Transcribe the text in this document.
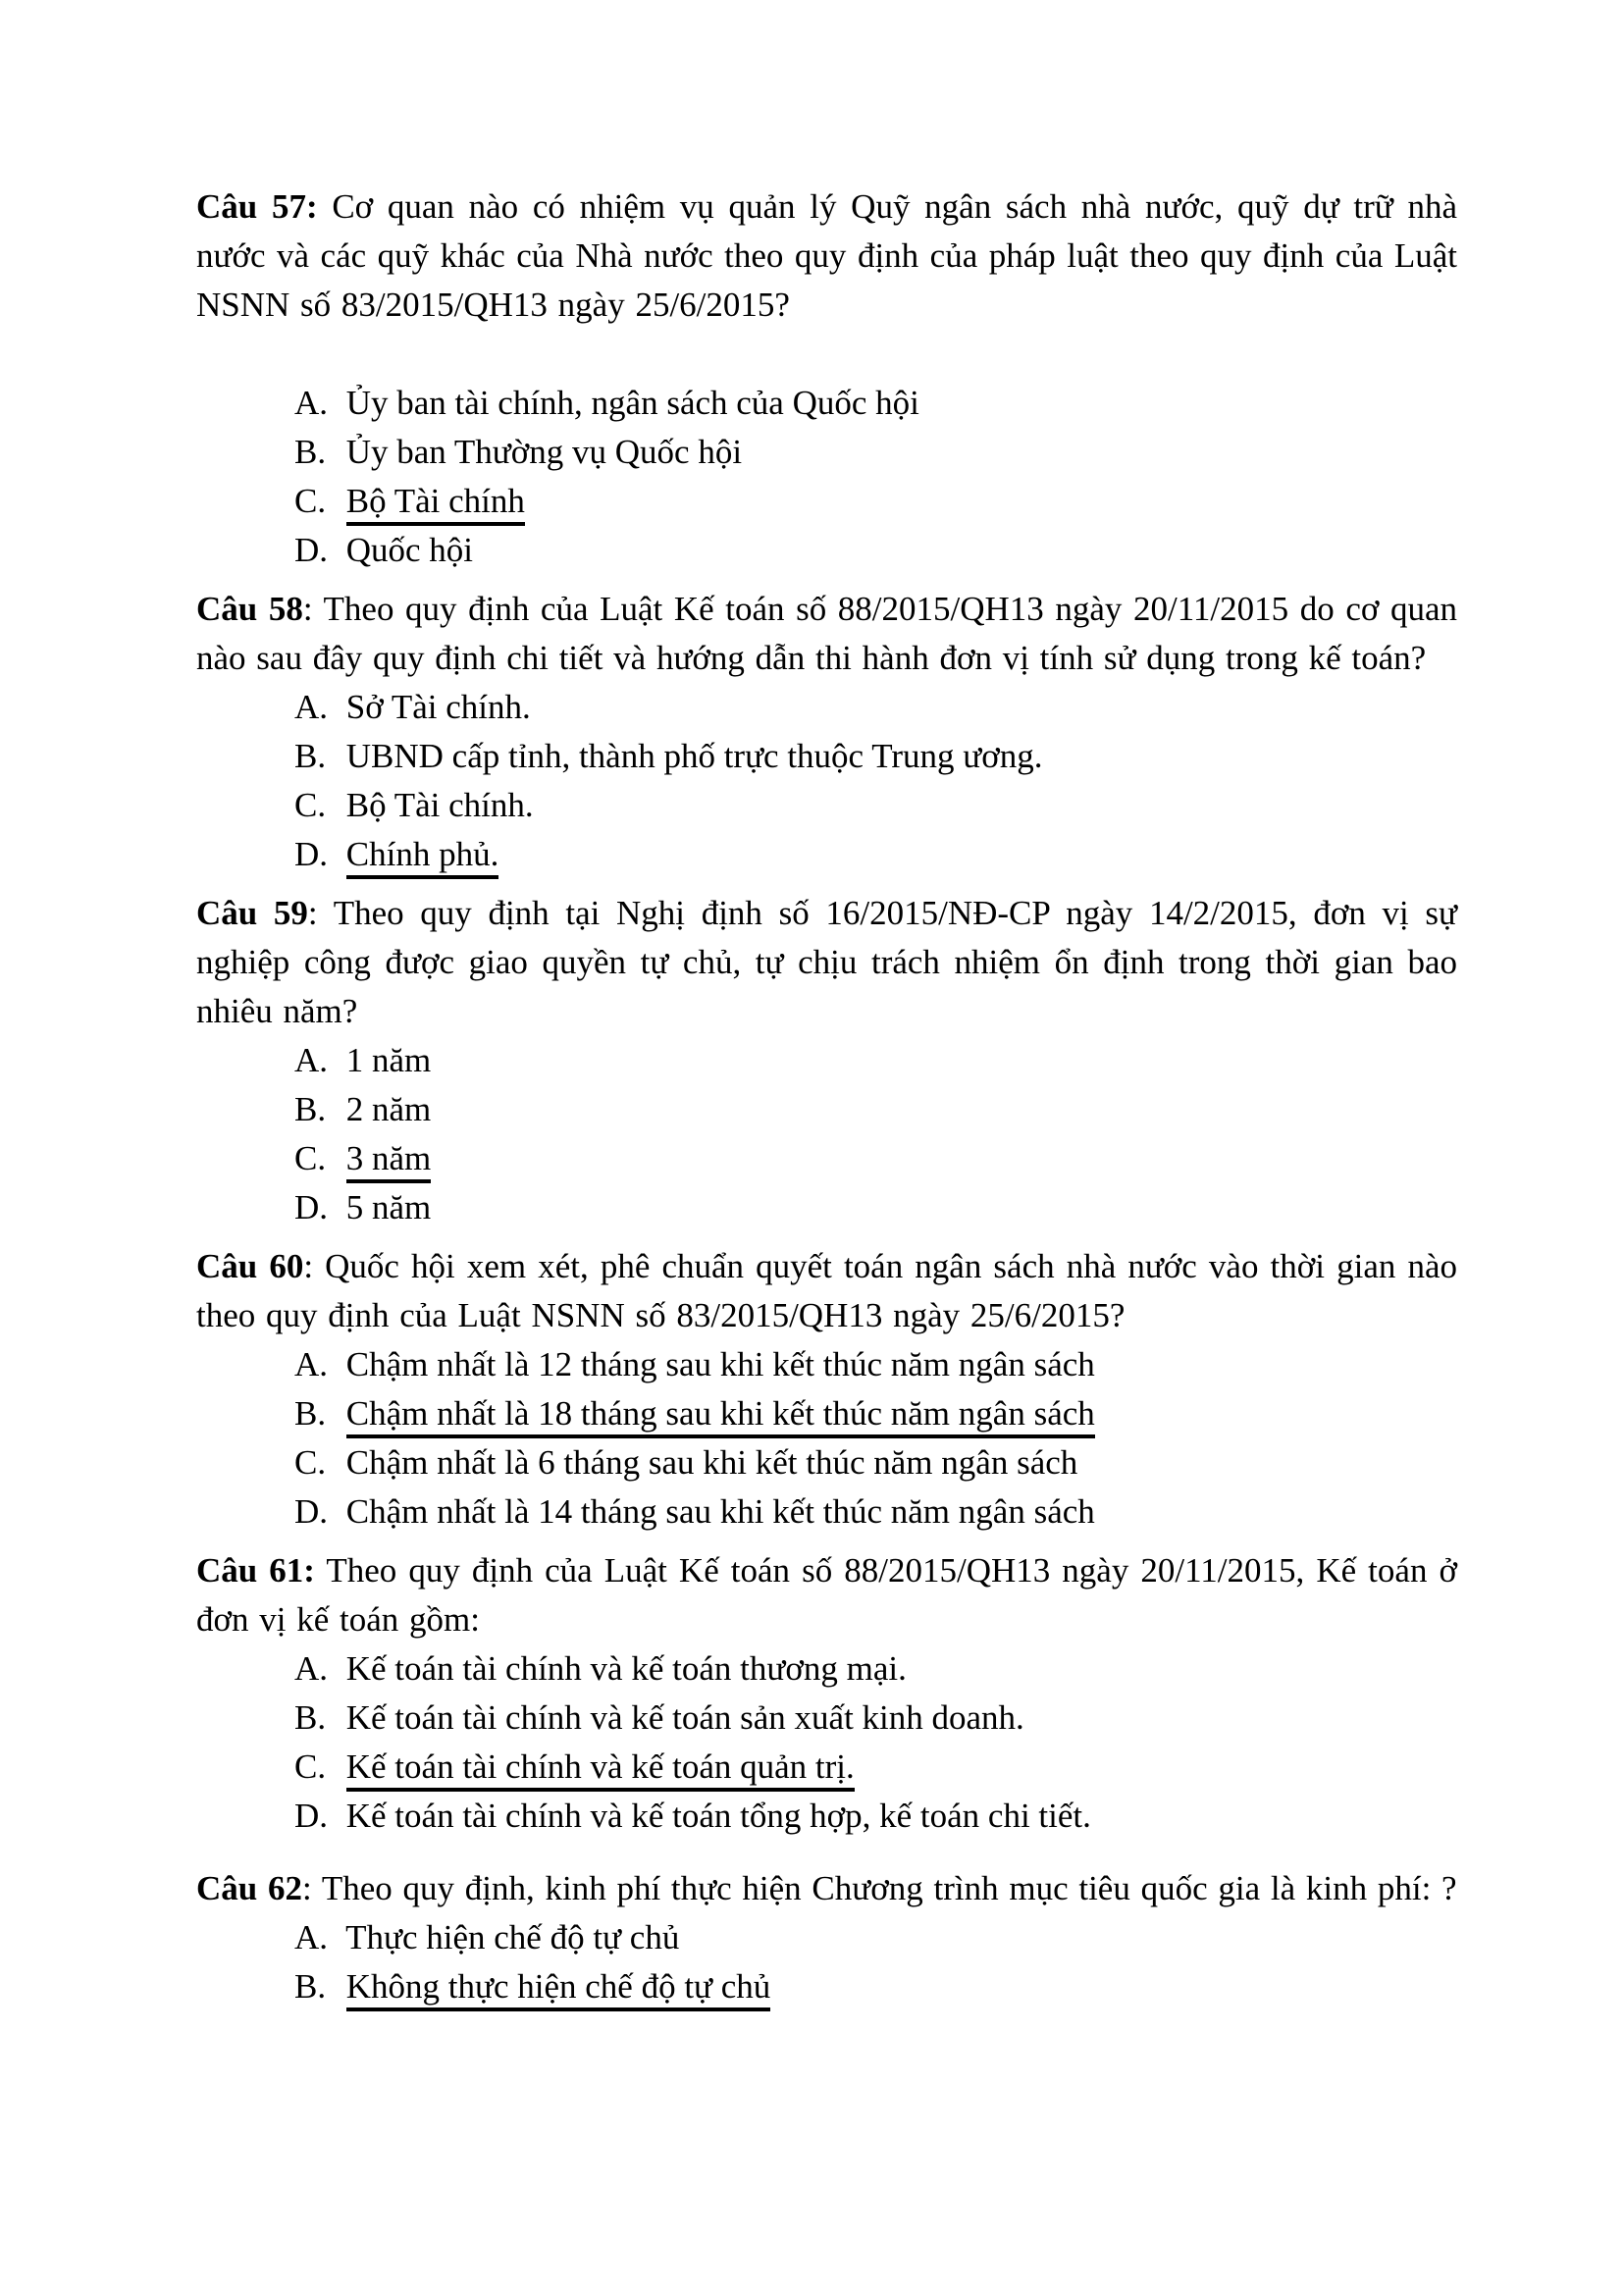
Câu 57: Cơ quan nào có nhiệm vụ quản lý Quỹ ngân sách nhà nước, quỹ dự trữ nhà nước và các quỹ khác của Nhà nước theo quy định của pháp luật theo quy định của Luật NSNN số 83/2015/QH13 ngày 25/6/2015?

A. Ủy ban tài chính, ngân sách của Quốc hội
B. Ủy ban Thường vụ Quốc hội
C. Bộ Tài chính
D. Quốc hội

Câu 58: Theo quy định của Luật Kế toán số 88/2015/QH13 ngày 20/11/2015 do cơ quan nào sau đây quy định chi tiết và hướng dẫn thi hành đơn vị tính sử dụng trong kế toán?

A. Sở Tài chính.
B. UBND cấp tỉnh, thành phố trực thuộc Trung ương.
C. Bộ Tài chính.
D. Chính phủ.

Câu 59: Theo quy định tại Nghị định số 16/2015/NĐ-CP ngày 14/2/2015, đơn vị sự nghiệp công được giao quyền tự chủ, tự chịu trách nhiệm ổn định trong thời gian bao nhiêu năm?

A. 1 năm
B. 2 năm
C. 3 năm
D. 5 năm

Câu 60: Quốc hội xem xét, phê chuẩn quyết toán ngân sách nhà nước vào thời gian nào theo quy định của Luật NSNN số 83/2015/QH13 ngày 25/6/2015?

A. Chậm nhất là 12 tháng sau khi kết thúc năm ngân sách
B. Chậm nhất là 18 tháng sau khi kết thúc năm ngân sách
C. Chậm nhất là 6 tháng sau khi kết thúc năm ngân sách
D. Chậm nhất là 14 tháng sau khi kết thúc năm ngân sách

Câu 61: Theo quy định của Luật Kế toán số 88/2015/QH13 ngày 20/11/2015, Kế toán ở đơn vị kế toán gồm:

A. Kế toán tài chính và kế toán thương mại.
B. Kế toán tài chính và kế toán sản xuất kinh doanh.
C. Kế toán tài chính và kế toán quản trị.
D. Kế toán tài chính và kế toán tổng hợp, kế toán chi tiết.

Câu 62: Theo quy định, kinh phí thực hiện Chương trình mục tiêu quốc gia là kinh phí: ?

A. Thực hiện chế độ tự chủ
B. Không thực hiện chế độ tự chủ
